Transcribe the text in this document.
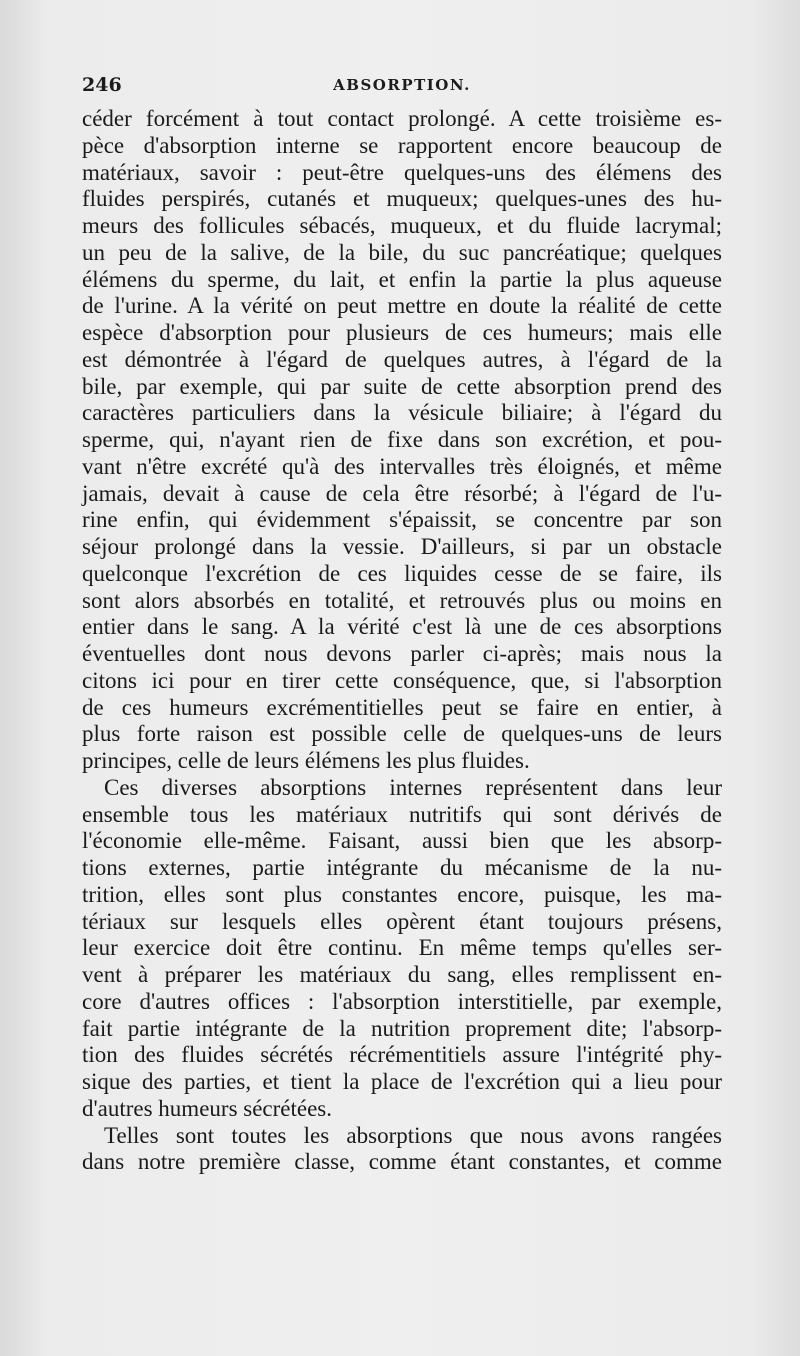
246	ABSORPTION.
céder forcément à tout contact prolongé. A cette troisième es-
pèce d'absorption interne se rapportent encore beaucoup de
matériaux, savoir : peut-être quelques-uns des élémens des
fluides perspirés, cutanés et muqueux; quelques-unes des hu-
meurs des follicules sébacés, muqueux, et du fluide lacrymal;
un peu de la salive, de la bile, du suc pancréatique; quelques
élémens du sperme, du lait, et enfin la partie la plus aqueuse
de l'urine. A la vérité on peut mettre en doute la réalité de cette
espèce d'absorption pour plusieurs de ces humeurs; mais elle
est démontrée à l'égard de quelques autres, à l'égard de la
bile, par exemple, qui par suite de cette absorption prend des
caractères particuliers dans la vésicule biliaire; à l'égard du
sperme, qui, n'ayant rien de fixe dans son excrétion, et pou-
vant n'être excrété qu'à des intervalles très éloignés, et même
jamais, devait à cause de cela être résorbé; à l'égard de l'u-
rine enfin, qui évidemment s'épaissit, se concentre par son
séjour prolongé dans la vessie. D'ailleurs, si par un obstacle
quelconque l'excrétion de ces liquides cesse de se faire, ils
sont alors absorbés en totalité, et retrouvés plus ou moins en
entier dans le sang. A la vérité c'est là une de ces absorptions
éventuelles dont nous devons parler ci-après; mais nous la
citons ici pour en tirer cette conséquence, que, si l'absorption
de ces humeurs excrémentitielles peut se faire en entier, à
plus forte raison est possible celle de quelques-uns de leurs
principes, celle de leurs élémens les plus fluides.
Ces diverses absorptions internes représentent dans leur
ensemble tous les matériaux nutritifs qui sont dérivés de
l'économie elle-même. Faisant, aussi bien que les absorp-
tions externes, partie intégrante du mécanisme de la nu-
trition, elles sont plus constantes encore, puisque, les ma-
tériaux sur lesquels elles opèrent étant toujours présens,
leur exercice doit être continu. En même temps qu'elles ser-
vent à préparer les matériaux du sang, elles remplissent en-
core d'autres offices : l'absorption interstitielle, par exemple,
fait partie intégrante de la nutrition proprement dite; l'absorp-
tion des fluides sécrétés récrémentitiels assure l'intégrité phy-
sique des parties, et tient la place de l'excrétion qui a lieu pour
d'autres humeurs sécrétées.
Telles sont toutes les absorptions que nous avons rangées
dans notre première classe, comme étant constantes, et comme
